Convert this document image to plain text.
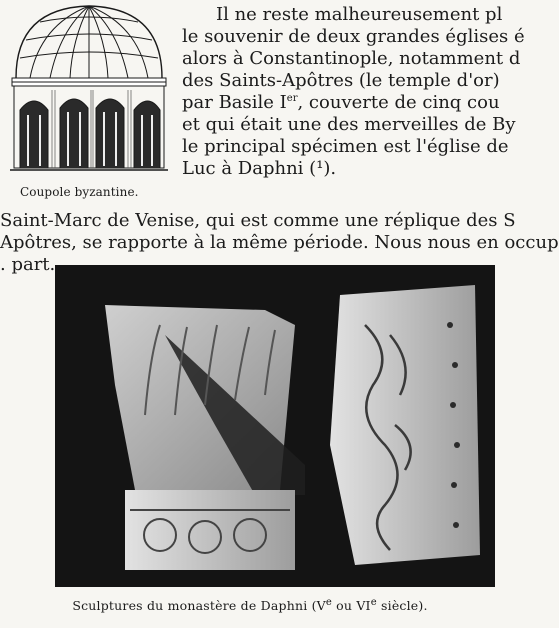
Coupole byzantine.
Il ne reste malheureusement pl
le souvenir de deux grandes églises é
alors à Constantinople, notamment d
des Saints-Apôtres (le temple d'or)
par Basile Ier, couverte de cinq cou
et qui était une des merveilles de By
le principal spécimen est l'église de
Luc à Daphni (¹).
Saint-Marc de Venise, qui est comme une réplique des S
Apôtres, se rapporte à la même période. Nous nous en occup
. part.
Sculptures du monastère de Daphni (Ve ou VIe siècle).
